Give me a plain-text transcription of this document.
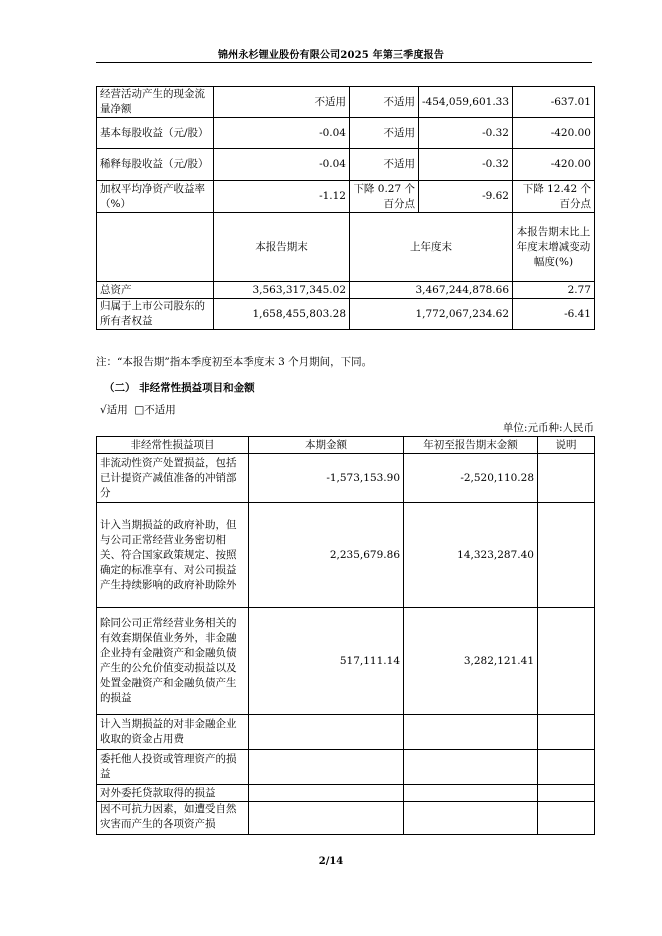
锦州永杉锂业股份有限公司2025 年第三季度报告
经营活动产生的现金流量净额	不适用	不适用	-454,059,601.33	-637.01
基本每股收益（元/股）	-0.04	不适用	-0.32	-420.00
稀释每股收益（元/股）	-0.04	不适用	-0.32	-420.00
加权平均净资产收益率（%）	-1.12	下降 0.27 个百分点	-9.62	下降 12.42 个百分点
	本报告期末	上年度末		本报告期末比上年度末增减变动幅度(%)
总资产	3,563,317,345.02	3,467,244,878.66		2.77
归属于上市公司股东的所有者权益	1,658,455,803.28	1,772,067,234.62		-6.41
注：“本报告期”指本季度初至本季度末 3 个月期间，下同。
（二） 非经常性损益项目和金额
√适用 □不适用
单位:元币种:人民币
非经常性损益项目	本期金额	年初至报告期末金额	说明
非流动性资产处置损益，包括已计提资产减值准备的冲销部分	-1,573,153.90	-2,520,110.28	
计入当期损益的政府补助，但与公司正常经营业务密切相关、符合国家政策规定、按照确定的标准享有、对公司损益产生持续影响的政府补助除外	2,235,679.86	14,323,287.40	
除同公司正常经营业务相关的有效套期保值业务外，非金融企业持有金融资产和金融负债产生的公允价值变动损益以及处置金融资产和金融负债产生的损益	517,111.14	3,282,121.41	
计入当期损益的对非金融企业收取的资金占用费			
委托他人投资或管理资产的损益			
对外委托贷款取得的损益			
因不可抗力因素，如遭受自然灾害而产生的各项资产损			
2/14
